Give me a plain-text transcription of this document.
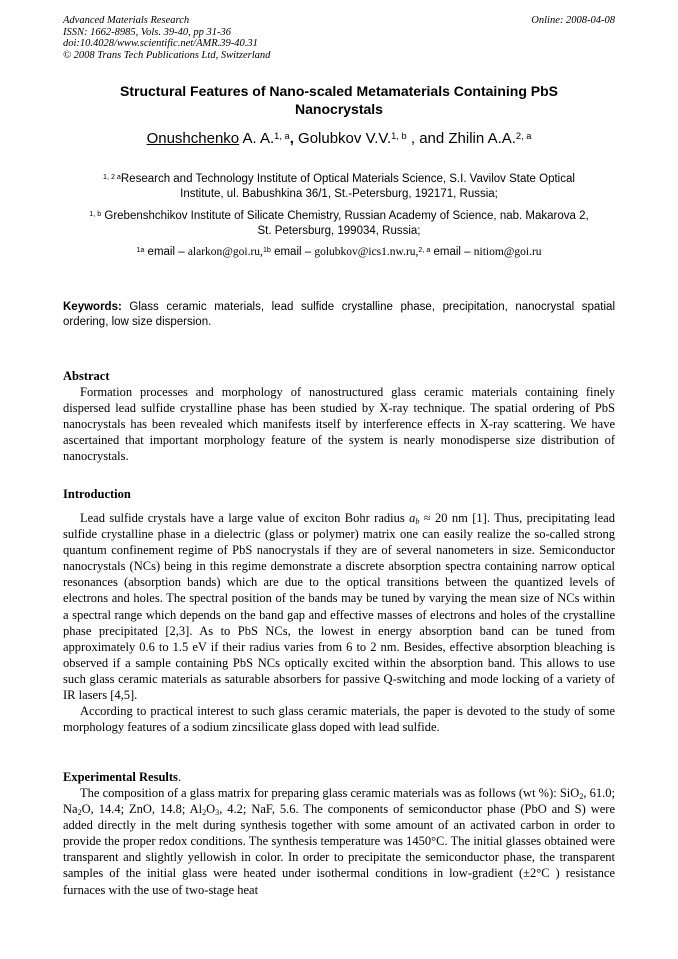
Advanced Materials Research
ISSN: 1662-8985, Vols. 39-40, pp 31-36
doi:10.4028/www.scientific.net/AMR.39-40.31
© 2008 Trans Tech Publications Ltd, Switzerland
Online: 2008-04-08
Structural Features of Nano-scaled Metamaterials Containing PbS
Nanocrystals
Onushchenko A. A.$^{1, a}$, Golubkov V.V.$^{1, b}$ , and Zhilin A.A.$^{2, a}$
$^{1, 2 a}$Research and Technology Institute of Optical Materials Science, S.I. Vavilov State Optical
Institute, ul. Babushkina 36/1, St.-Petersburg, 192171, Russia;
$^{1, b}$ Grebenshchikov Institute of Silicate Chemistry, Russian Academy of Science, nab. Makarova 2,
St. Petersburg, 199034, Russia;
$^{1a}$ email – alarkon@goi.ru,$^{1b}$ email – golubkov@ics1.nw.ru,$^{2, a}$ email – nitiom@goi.ru
Keywords: Glass ceramic materials, lead sulfide crystalline phase, precipitation, nanocrystal spatial ordering, low size dispersion.
Abstract

Formation processes and morphology of nanostructured glass ceramic materials containing finely dispersed lead sulfide crystalline phase has been studied by X-ray technique. The spatial ordering of PbS nanocrystals has been revealed which manifests itself by interference effects in X-ray scattering. We have ascertained that important morphology feature of the system is nearly monodisperse size distribution of nanocrystals.

Introduction

Lead sulfide crystals have a large value of exciton Bohr radius $a_b \approx 20$ nm [1]. Thus, precipitating lead sulfide crystalline phase in a dielectric (glass or polymer) matrix one can easily realize the so-called strong quantum confinement regime of PbS nanocrystals if they are of several nanometers in size. Semiconductor nanocrystals (NCs) being in this regime demonstrate a discrete absorption spectra containing narrow optical resonances (absorption bands) which are due to the optical transitions between the quantized levels of electrons and holes. The spectral position of the bands may be tuned by varying the mean size of NCs within a spectral range which depends on the band gap and effective masses of electrons and holes of the crystalline phase precipitated [2,3]. As to PbS NCs, the lowest in energy absorption band can be tuned from approximately 0.6 to 1.5 eV if their radius varies from 6 to 2 nm. Besides, effective absorption bleaching is observed if a sample containing PbS NCs optically excited within the absorption band. This allows to use such glass ceramic materials as saturable absorbers for passive Q-switching and mode locking of a variety of IR lasers [4,5].

According to practical interest to such glass ceramic materials, the paper is devoted to the study of some morphology features of a sodium zincsilicate glass doped with lead sulfide.

Experimental Results.

The composition of a glass matrix for preparing glass ceramic materials was as follows (wt %): SiO$_2$, 61.0; $Na_2O$, 14.4; ZnO, 14.8; $Al_2O_3$, 4.2; NaF, 5.6. The components of semiconductor phase (PbO and S) were added directly in the melt during synthesis together with some amount of an activated carbon in order to provide the proper redox conditions. The synthesis temperature was 1450°C. The initial glasses obtained were transparent and slightly yellowish in color. In order to precipitate the semiconductor phase, the transparent samples of the initial glass were heated under isothermal conditions in low-gradient (±2°C ) resistance furnaces with the use of two-stage heat
